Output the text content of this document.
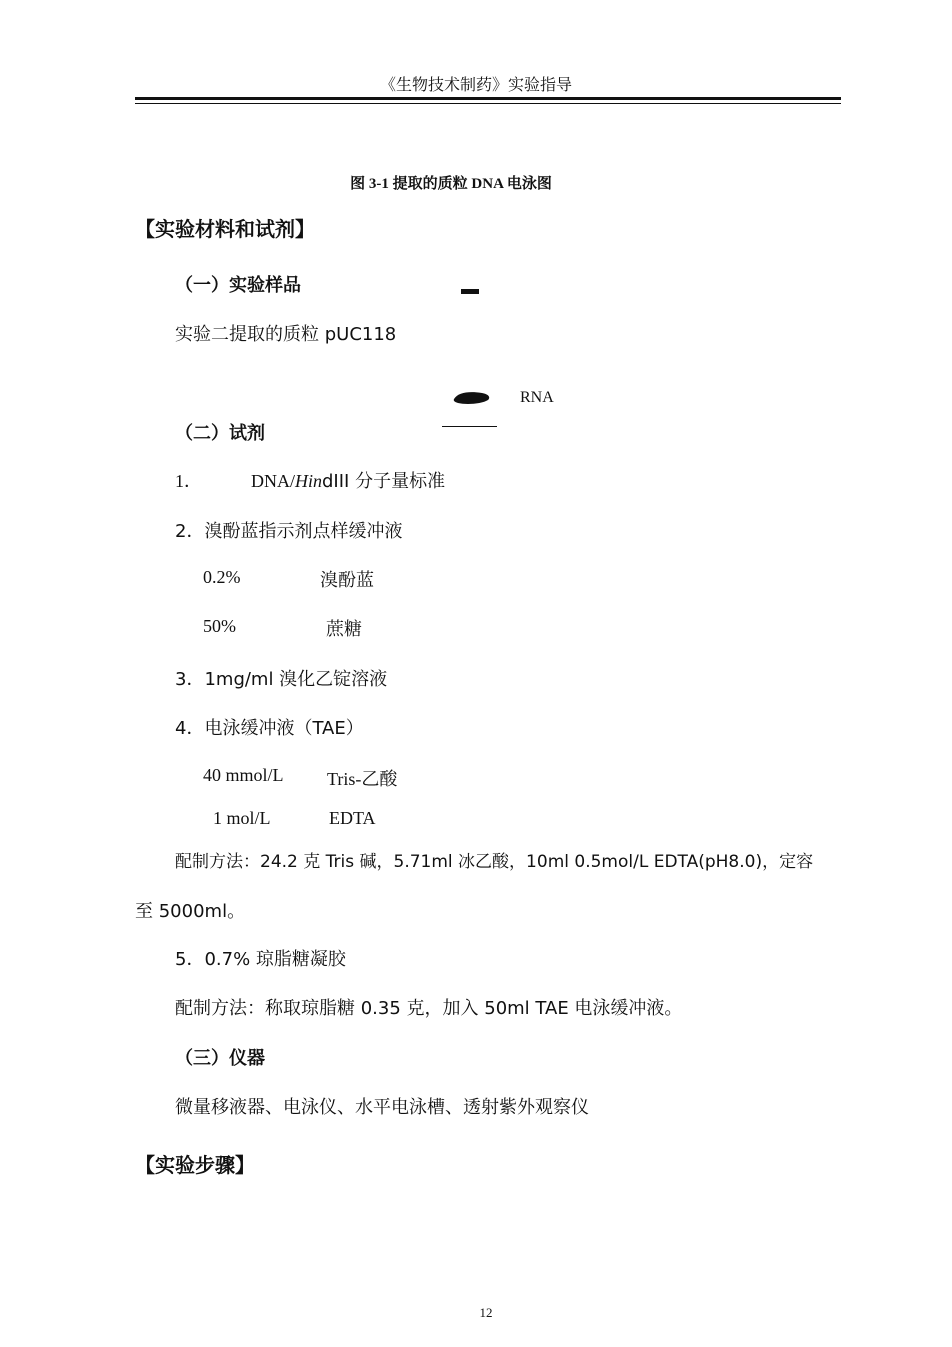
《生物技术制药》实验指导
图 3-1 提取的质粒 DNA 电泳图
RNA
【实验材料和试剂】
（一）实验样品
实验二提取的质粒 pUC118
（二）试剂
1．	DNA/HindIII 分子量标准
2．溴酚蓝指示剂点样缓冲液
0.2%	溴酚蓝
50%	蔗糖
3．1mg/ml 溴化乙锭溶液
4．电泳缓冲液（TAE）
40 mmol/L Tris-乙酸
1 mol/L	EDTA
配制方法：24.2 克 Tris 碱，5.71ml 冰乙酸，10ml 0.5mol/L EDTA(pH8.0)，定容
至 5000ml。
5．0.7% 琼脂糖凝胶
配制方法：称取琼脂糖 0.35 克，加入 50ml TAE 电泳缓冲液。
（三）仪器
微量移液器、电泳仪、水平电泳槽、透射紫外观察仪
【实验步骤】
12
